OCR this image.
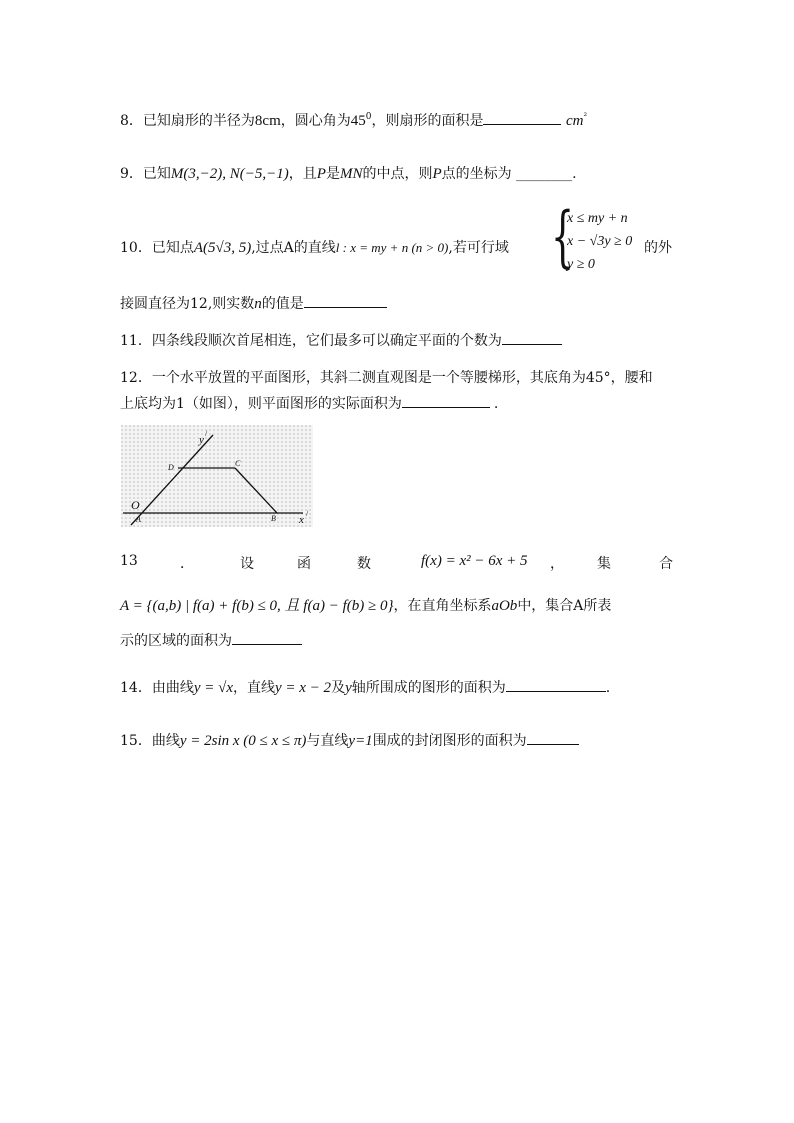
8．已知扇形的半径为8cm，圆心角为$45^0$，则扇形的面积是	$cm^{^2}$
9．已知M(3,−2), N(−5,−1)，且P是MN的中点，则P点的坐标为 ________.
10．已知点A(5√3, 5),过点A的直线l : x = my + n (n > 0),若可行域 {
x ≤ my + n
x − √3y ≥ 0
y ≥ 0
的外
接圆直径为12,则实数n的值是
11．四条线段顺次首尾相连，它们最多可以确定平面的个数为
12．一个水平放置的平面图形，其斜二测直观图是一个等腰梯形，其底角为45°，腰和
上底均为1（如图），则平面图形的实际面积为	.
y
/
x
/
O
A	B
C
D
13	．	设	函	数	f(x) = x² − 6x + 5 ， 集	合
A = {(a,b) | f(a) + f(b) ≤ 0, 且 f(a) − f(b) ≥ 0}，在直角坐标系aOb中，集合A所表
示的区域的面积为
14．由曲线y = √x，直线y = x − 2及y轴所围成的图形的面积为	.
15．曲线y = 2sin x (0 ≤ x ≤ π)与直线y=1围成的封闭图形的面积为
